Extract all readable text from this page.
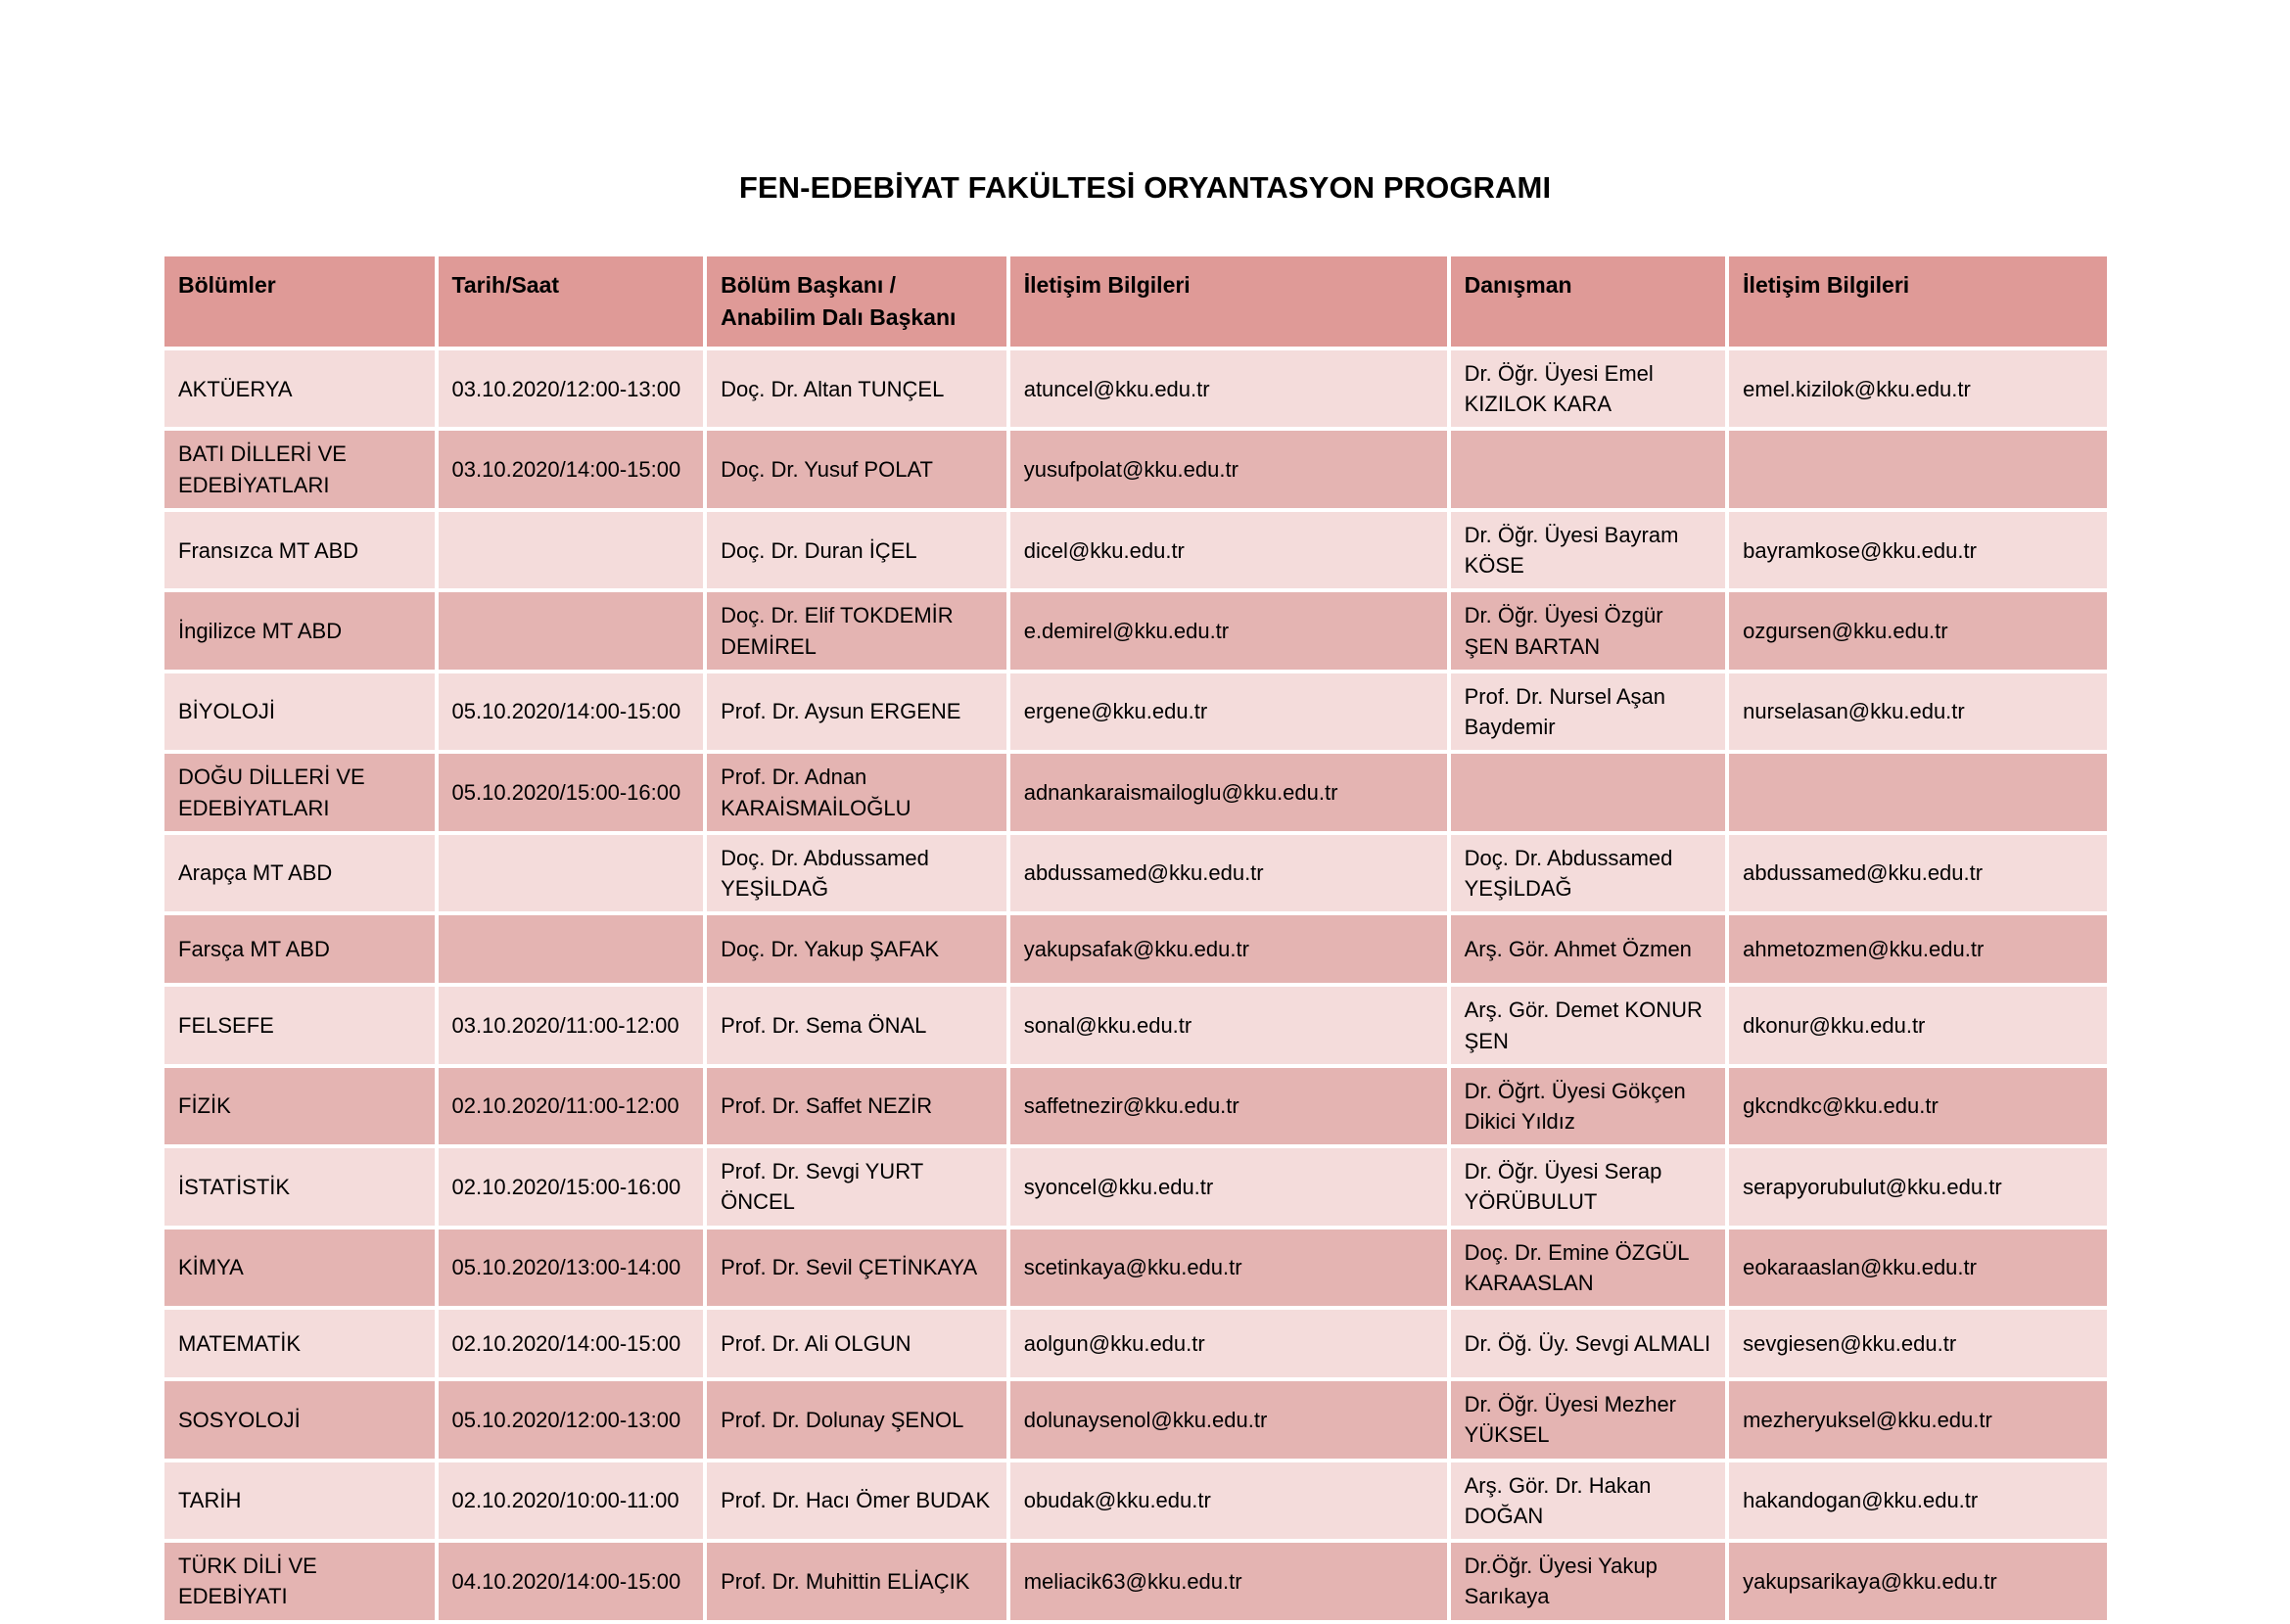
FEN-EDEBİYAT FAKÜLTESİ ORYANTASYON PROGRAMI
Bölümler	Tarih/Saat	Bölüm Başkanı /
Anabilim Dalı Başkanı	İletişim Bilgileri	Danışman	İletişim Bilgileri
AKTÜERYA	03.10.2020/12:00-13:00	Doç. Dr. Altan TUNÇEL	atuncel@kku.edu.tr	Dr. Öğr. Üyesi Emel KIZILOK KARA	emel.kizilok@kku.edu.tr
BATI DİLLERİ VE EDEBİYATLARI	03.10.2020/14:00-15:00	Doç. Dr. Yusuf POLAT	yusufpolat@kku.edu.tr		
Fransızca MT ABD		Doç. Dr. Duran İÇEL	dicel@kku.edu.tr	Dr. Öğr. Üyesi Bayram KÖSE	bayramkose@kku.edu.tr
İngilizce MT ABD		Doç. Dr. Elif TOKDEMİR DEMİREL	e.demirel@kku.edu.tr	Dr. Öğr. Üyesi Özgür ŞEN BARTAN	ozgursen@kku.edu.tr
BİYOLOJİ	05.10.2020/14:00-15:00	Prof. Dr. Aysun ERGENE	ergene@kku.edu.tr	Prof. Dr. Nursel Aşan Baydemir	nurselasan@kku.edu.tr
DOĞU DİLLERİ VE EDEBİYATLARI	05.10.2020/15:00-16:00	Prof. Dr. Adnan KARAİSMAİLOĞLU	adnankaraismailoglu@kku.edu.tr		
Arapça MT ABD		Doç. Dr. Abdussamed YEŞİLDAĞ	abdussamed@kku.edu.tr	Doç. Dr. Abdussamed YEŞİLDAĞ	abdussamed@kku.edu.tr
Farsça MT ABD		Doç. Dr. Yakup ŞAFAK	yakupsafak@kku.edu.tr	Arş. Gör. Ahmet Özmen	ahmetozmen@kku.edu.tr
FELSEFE	03.10.2020/11:00-12:00	Prof. Dr. Sema ÖNAL	sonal@kku.edu.tr	Arş. Gör. Demet KONUR ŞEN	dkonur@kku.edu.tr
FİZİK	02.10.2020/11:00-12:00	Prof. Dr. Saffet NEZİR	saffetnezir@kku.edu.tr	Dr. Öğrt. Üyesi Gökçen Dikici Yıldız	gkcndkc@kku.edu.tr
İSTATİSTİK	02.10.2020/15:00-16:00	Prof. Dr. Sevgi YURT ÖNCEL	syoncel@kku.edu.tr	Dr. Öğr. Üyesi Serap YÖRÜBULUT	serapyorubulut@kku.edu.tr
KİMYA	05.10.2020/13:00-14:00	Prof. Dr. Sevil ÇETİNKAYA	scetinkaya@kku.edu.tr	Doç. Dr. Emine ÖZGÜL KARAASLAN	eokaraaslan@kku.edu.tr
MATEMATİK	02.10.2020/14:00-15:00	Prof. Dr. Ali OLGUN	aolgun@kku.edu.tr	Dr. Öğ. Üy. Sevgi ALMALI	sevgiesen@kku.edu.tr
SOSYOLOJİ	05.10.2020/12:00-13:00	Prof. Dr. Dolunay ŞENOL	dolunaysenol@kku.edu.tr	Dr. Öğr. Üyesi Mezher YÜKSEL	mezheryuksel@kku.edu.tr
TARİH	02.10.2020/10:00-11:00	Prof. Dr. Hacı Ömer BUDAK	obudak@kku.edu.tr	Arş. Gör. Dr. Hakan DOĞAN	hakandogan@kku.edu.tr
TÜRK DİLİ VE EDEBİYATI	04.10.2020/14:00-15:00	Prof. Dr. Muhittin ELİAÇIK	meliacik63@kku.edu.tr	Dr.Öğr. Üyesi Yakup Sarıkaya	yakupsarikaya@kku.edu.tr
